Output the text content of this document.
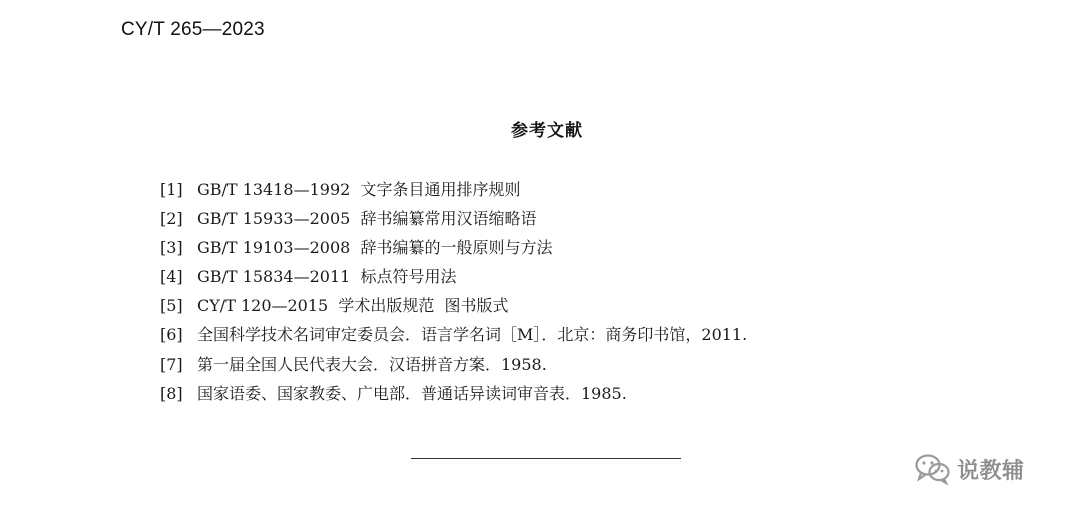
CY/T 265—2023
参考文献
[1] GB/T 13418—1992  文字条目通用排序规则
[2] GB/T 15933—2005  辞书编纂常用汉语缩略语
[3] GB/T 19103—2008  辞书编纂的一般原则与方法
[4] GB/T 15834—2011  标点符号用法
[5] CY/T 120—2015  学术出版规范  图书版式
[6] 全国科学技术名词审定委员会．语言学名词［M］．北京：商务印书馆，2011.
[7] 第一届全国人民代表大会．汉语拼音方案．1958.
[8] 国家语委、国家教委、广电部．普通话异读词审音表．1985.
说教辅
